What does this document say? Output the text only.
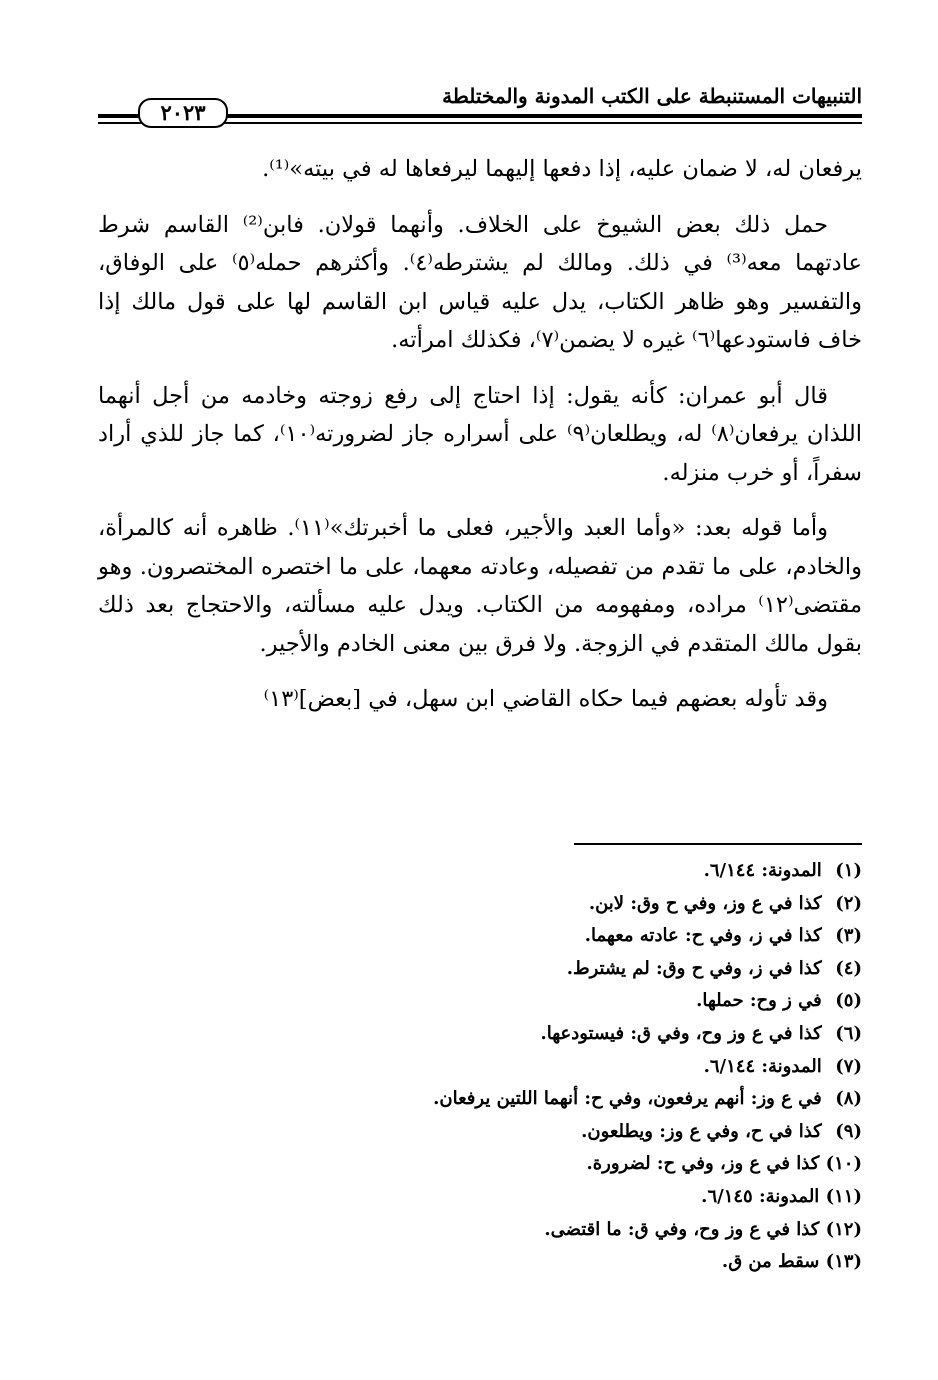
التنبيهات المستنبطة على الكتب المدونة والمختلطة
٢٠٢٣

يرفعان له، لا ضمان عليه، إذا دفعها إليهما ليرفعاها له في بيته»⁽¹⁾.

حمل ذلك بعض الشيوخ على الخلاف. وأنهما قولان. فابن⁽²⁾ القاسم شرط عادتهما معه⁽³⁾ في ذلك. ومالك لم يشترطه⁽٤⁾. وأكثرهم حمله⁽٥⁾ على الوفاق، والتفسير وهو ظاهر الكتاب، يدل عليه قياس ابن القاسم لها على قول مالك إذا خاف فاستودعها⁽٦⁾ غيره لا يضمن⁽٧⁾، فكذلك امرأته.

قال أبو عمران: كأنه يقول: إذا احتاج إلى رفع زوجته وخادمه من أجل أنهما اللذان يرفعان⁽٨⁾ له، ويطلعان⁽٩⁾ على أسراره جاز لضرورته⁽١٠⁾، كما جاز للذي أراد سفراً، أو خرب منزله.

وأما قوله بعد: «وأما العبد والأجير، فعلى ما أخبرتك»⁽١١⁾. ظاهره أنه كالمرأة، والخادم، على ما تقدم من تفصيله، وعادته معهما، على ما اختصره المختصرون. وهو مقتضى⁽١٢⁾ مراده، ومفهومه من الكتاب. ويدل عليه مسألته، والاحتجاج بعد ذلك بقول مالك المتقدم في الزوجة. ولا فرق بين معنى الخادم والأجير.

وقد تأوله بعضهم فيما حكاه القاضي ابن سهل، في [بعض]⁽١٣⁾

(١) المدونة: ٦/١٤٤.
(٢) كذا في ع وز، وفي ح وق: لابن.
(٣) كذا في ز، وفي ح: عادته معهما.
(٤) كذا في ز، وفي ح وق: لم يشترط.
(٥) في ز وح: حملها.
(٦) كذا في ع وز وح، وفي ق: فيستودعها.
(٧) المدونة: ٦/١٤٤.
(٨) في ع وز: أنهم يرفعون، وفي ح: أنهما اللتين يرفعان.
(٩) كذا في ح، وفي ع وز: ويطلعون.
(١٠) كذا في ع وز، وفي ح: لضرورة.
(١١) المدونة: ٦/١٤٥.
(١٢) كذا في ع وز وح، وفي ق: ما اقتضى.
(١٣) سقط من ق.
